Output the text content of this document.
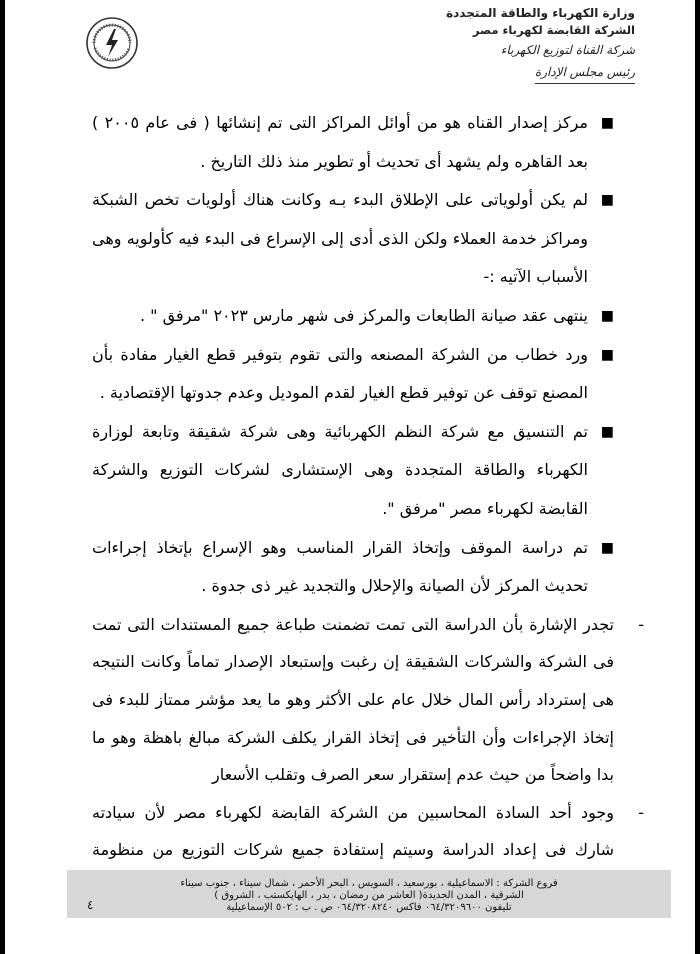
وزارة الكهرباء والطاقة المتجددة
الشركة القابضة لكهرباء مصر
شركة القناة لتوزيع الكهرباء
رئيس مجلس الإدارة
■
مركز إصدار القناه هو من أوائل المراكز التى تم إنشائها ( فى عام ٢٠٠٥ ) بعد القاهره ولم يشهد أى تحديث أو تطوير منذ ذلك التاريخ .
■
لم يكن أولوياتى على الإطلاق البدء بـه وكانت هناك أولويات تخص الشبكة ومراكز خدمة العملاء ولكن الذى أدى إلى الإسراع فى البدء فيه كأولويه وهى الأسباب الآتيه :-
■
ينتهى عقد صيانة الطابعات والمركز فى شهر مارس ٢٠٢٣ "مرفق " .
■
ورد خطاب من الشركة المصنعه والتى تقوم بتوفير قطع الغيار مفادة بأن المصنع توقف عن توفير قطع الغيار لقدم الموديل وعدم جدوتها الإقتصادية .
■
تم التنسيق مع شركة النظم الكهربائية وهى شركة شقيقة وتابعة لوزارة الكهرباء والطاقة المتجددة وهى الإستشارى لشركات التوزيع والشركة القابضة لكهرباء مصر "مرفق ".
■
تم دراسة الموقف وإتخاذ القرار المناسب وهو الإسراع بإتخاذ إجراءات تحديث المركز لأن الصيانة والإحلال والتجديد غير ذى جدوة .
-
تجدر الإشارة بأن الدراسة التى تمت تضمنت طباعة جميع المستندات التى تمت فى الشركة والشركات الشقيقة إن رغبت وإستبعاد الإصدار تماماً وكانت النتيجه هى إسترداد رأس المال خلال عام على الأكثر وهو ما يعد مؤشر ممتاز للبدء فى إتخاذ الإجراءات وأن التأخير فى إتخاذ القرار يكلف الشركة مبالغ باهظة وهو ما بدا واضحاً من حيث عدم إستقرار سعر الصرف وتقلب الأسعار
-
وجود أحد السادة المحاسبين من الشركة القابضة لكهرباء مصر لأن سيادته شارك فى إعداد الدراسة وسيتم إستفادة جميع شركات التوزيع من منظومة
فروع الشركة : الاسماعيلية ، بورسعيد ، السويس ، البحر الأحمر ، شمال سيناء ، جنوب سيناء
الشرقية ، المدن الجديدة( العاشر من رمضان ، بدر ، الهايكستب ، الشروق )
تليفون ٠٦٤/٣٢٠٩٦٠٠ فاكس ٠٦٤/٣٢٠٨٢٤٠ ص . ب : ٥٠٢ الإسماعيلية
٤
